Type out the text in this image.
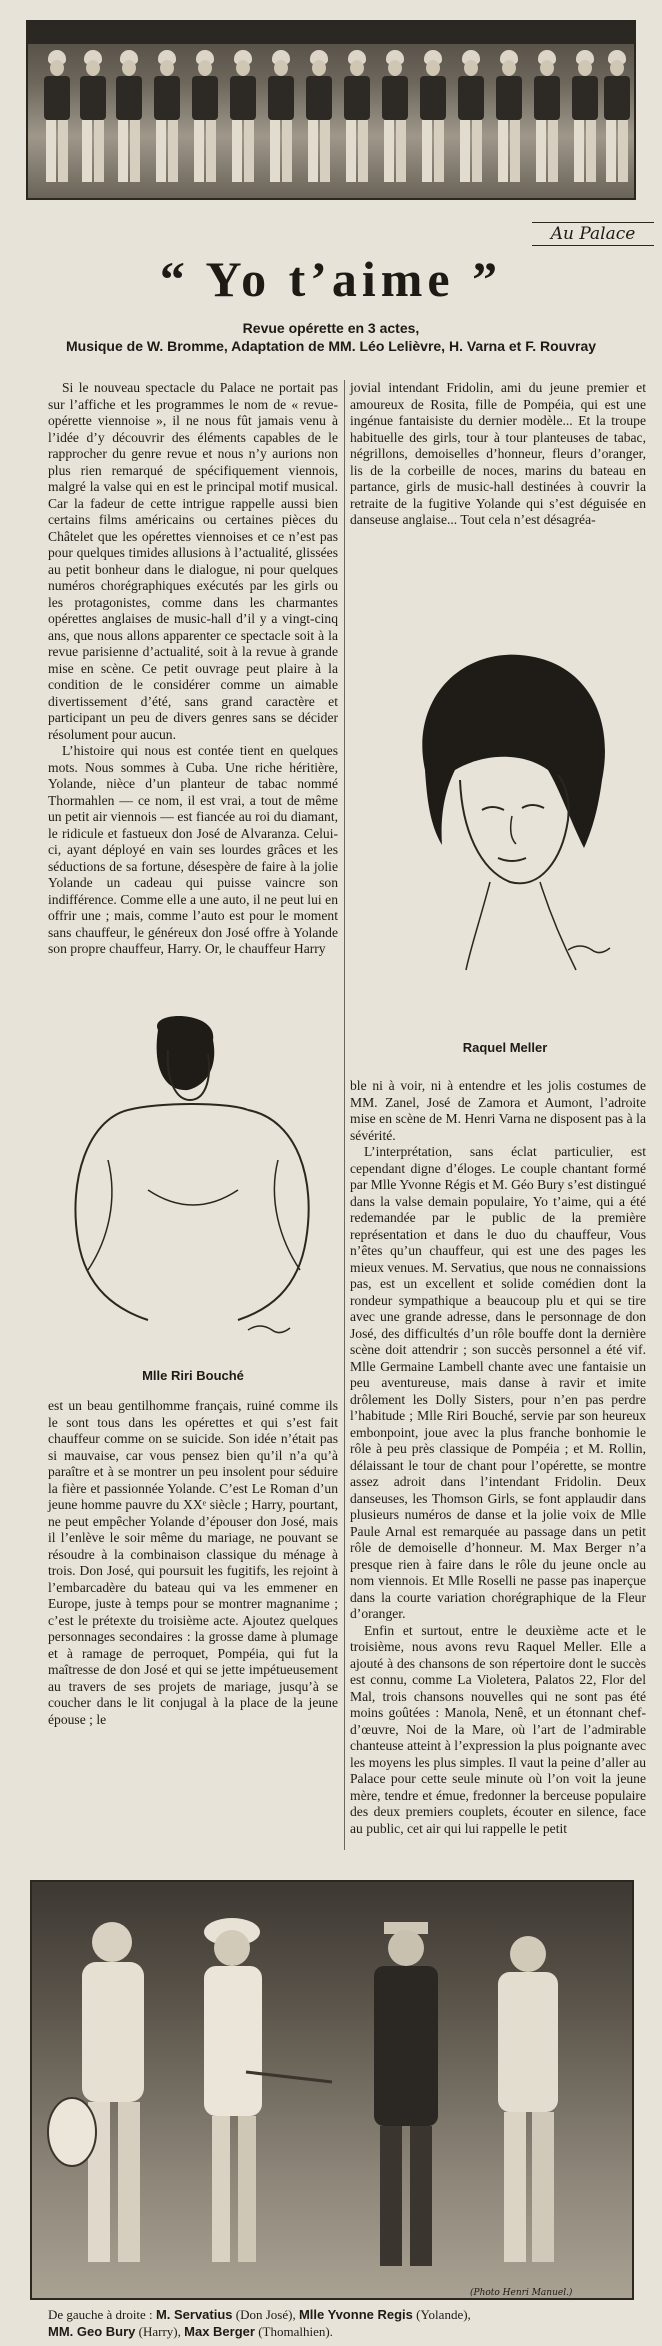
Au Palace
“ Yo t’aime ”
Revue opérette en 3 actes,
Musique de W. Bromme, Adaptation de MM. Léo Lelièvre, H. Varna et F. Rouvray

Si le nouveau spectacle du Palace ne portait pas sur l’affiche et les programmes le nom de « revue-opérette viennoise », il ne nous fût jamais venu à l’idée d’y découvrir des éléments capables de le rapprocher du genre revue et nous n’y aurions non plus rien remarqué de spécifiquement viennois, malgré la valse qui en est le principal motif musical. Car la fadeur de cette intrigue rappelle aussi bien certains films américains ou certaines pièces du Châtelet que les opérettes viennoises et ce n’est pas pour quelques timides allusions à l’actualité, glissées au petit bonheur dans le dialogue, ni pour quelques numéros chorégraphiques exécutés par les girls ou les protagonistes, comme dans les charmantes opérettes anglaises de music-hall d’il y a vingt-cinq ans, que nous allons apparenter ce spectacle soit à la revue parisienne d’actualité, soit à la revue à grande mise en scène. Ce petit ouvrage peut plaire à la condition de le considérer comme un aimable divertissement d’été, sans grand caractère et participant un peu de divers genres sans se décider résolument pour aucun.

L’histoire qui nous est contée tient en quelques mots. Nous sommes à Cuba. Une riche héritière, Yolande, nièce d’un planteur de tabac nommé Thormahlen — ce nom, il est vrai, a tout de même un petit air viennois — est fiancée au roi du diamant, le ridicule et fastueux don José de Alvaranza. Celui-ci, ayant déployé en vain ses lourdes grâces et les séductions de sa fortune, désespère de faire à la jolie Yolande un cadeau qui puisse vaincre son indifférence. Comme elle a une auto, il ne peut lui en offrir une ; mais, comme l’auto est pour le moment sans chauffeur, le généreux don José offre à Yolande son propre chauffeur, Harry. Or, le chauffeur Harry

jovial intendant Fridolin, ami du jeune premier et amoureux de Rosita, fille de Pompéia, qui est une ingénue fantaisiste du dernier modèle... Et la troupe habituelle des girls, tour à tour planteuses de tabac, négrillons, demoiselles d’honneur, fleurs d’oranger, lis de la corbeille de noces, marins du bateau en partance, girls de music-hall destinées à couvrir la retraite de la fugitive Yolande qui s’est déguisée en danseuse anglaise... Tout cela n’est désagréa-

Raquel Meller

ble ni à voir, ni à entendre et les jolis costumes de MM. Zanel, José de Zamora et Aumont, l’adroite mise en scène de M. Henri Varna ne disposent pas à la sévérité.

L’interprétation, sans éclat particulier, est cependant digne d’éloges. Le couple chantant formé par Mlle Yvonne Régis et M. Géo Bury s’est distingué dans la valse demain populaire, Yo t’aime, qui a été redemandée par le public de la première représentation et dans le duo du chauffeur, Vous n’êtes qu’un chauffeur, qui est une des pages les mieux venues. M. Servatius, que nous ne connaissions pas, est un excellent et solide comédien dont la rondeur sympathique a beaucoup plu et qui se tire avec une grande adresse, dans le personnage de don José, des difficultés d’un rôle bouffe dont la dernière scène doit attendrir ; son succès personnel a été vif. Mlle Germaine Lambell chante avec une fantaisie un peu aventureuse, mais danse à ravir et imite drôlement les Dolly Sisters, pour n’en pas perdre l’habitude ; Mlle Riri Bouché, servie par son heureux embonpoint, joue avec la plus franche bonhomie le rôle à peu près classique de Pompéia ; et M. Rollin, délaissant le tour de chant pour l’opérette, se montre assez adroit dans l’intendant Fridolin. Deux danseuses, les Thomson Girls, se font applaudir dans plusieurs numéros de danse et la jolie voix de Mlle Paule Arnal est remarquée au passage dans un petit rôle de demoiselle d’honneur. M. Max Berger n’a presque rien à faire dans le rôle du jeune oncle au nom viennois. Et Mlle Roselli ne passe pas inaperçue dans la courte variation chorégraphique de la Fleur d’oranger.

Enfin et surtout, entre le deuxième acte et le troisième, nous avons revu Raquel Meller. Elle a ajouté à des chansons de son répertoire dont le succès est connu, comme La Violetera, Palatos 22, Flor del Mal, trois chansons nouvelles qui ne sont pas été moins goûtées : Manola, Nenê, et un étonnant chef-d’œuvre, Noi de la Mare, où l’art de l’admirable chanteuse atteint à l’expression la plus poignante avec les moyens les plus simples. Il vaut la peine d’aller au Palace pour cette seule minute où l’on voit la jeune mère, tendre et émue, fredonner la berceuse populaire des deux premiers couplets, écouter en silence, face au public, cet air qui lui rappelle le petit

Mlle Riri Bouché

est un beau gentilhomme français, ruiné comme ils le sont tous dans les opérettes et qui s’est fait chauffeur comme on se suicide. Son idée n’était pas si mauvaise, car vous pensez bien qu’il n’a qu’à paraître et à se montrer un peu insolent pour séduire la fière et passionnée Yolande. C’est Le Roman d’un jeune homme pauvre du XXᵉ siècle ; Harry, pourtant, ne peut empêcher Yolande d’épouser don José, mais il l’enlève le soir même du mariage, ne pouvant se résoudre à la combinaison classique du ménage à trois. Don José, qui poursuit les fugitifs, les rejoint à l’embarcadère du bateau qui va les emmener en Europe, juste à temps pour se montrer magnanime ; c’est le prétexte du troisième acte. Ajoutez quelques personnages secondaires : la grosse dame à plumage et à ramage de perroquet, Pompéia, qui fut la maîtresse de don José et qui se jette impétueusement au travers de ses projets de mariage, jusqu’à se coucher dans le lit conjugal à la place de la jeune épouse ; le

(Photo Henri Manuel.)
De gauche à droite : M. Servatius (Don José), Mlle Yvonne Regis (Yolande),
MM. Geo Bury (Harry), Max Berger (Thomalhien).
